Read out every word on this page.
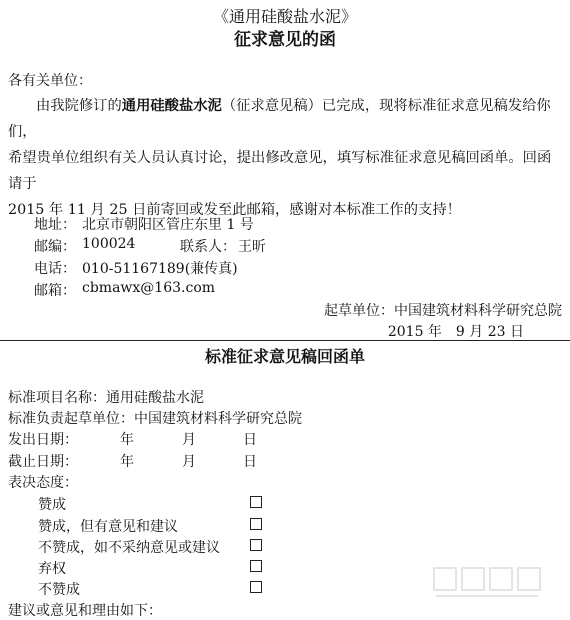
《通用硅酸盐水泥》
征求意见的函
各有关单位：
由我院修订的通用硅酸盐水泥（征求意见稿）已完成，现将标准征求意见稿发给你们，
希望贵单位组织有关人员认真讨论，提出修改意见，填写标准征求意见稿回函单。回函请于
2015 年 11 月 25 日前寄回或发至此邮箱，感谢对本标准工作的支持！
地址： 北京市朝阳区管庄东里 1 号
邮编： 100024	联系人： 王昕
电话： 010-51167189(兼传真)
邮箱： cbmawx@163.com
起草单位：中国建筑材料科学研究总院
2015 年　9 月 23 日
标准征求意见稿回函单
标准项目名称：通用硅酸盐水泥
标准负责起草单位：中国建筑材料科学研究总院
发出日期：	年	月	日
截止日期：	年	月	日
表决态度：
赞成
赞成，但有意见和建议
不赞成，如不采纳意见或建议
弃权
不赞成
建议或意见和理由如下：
